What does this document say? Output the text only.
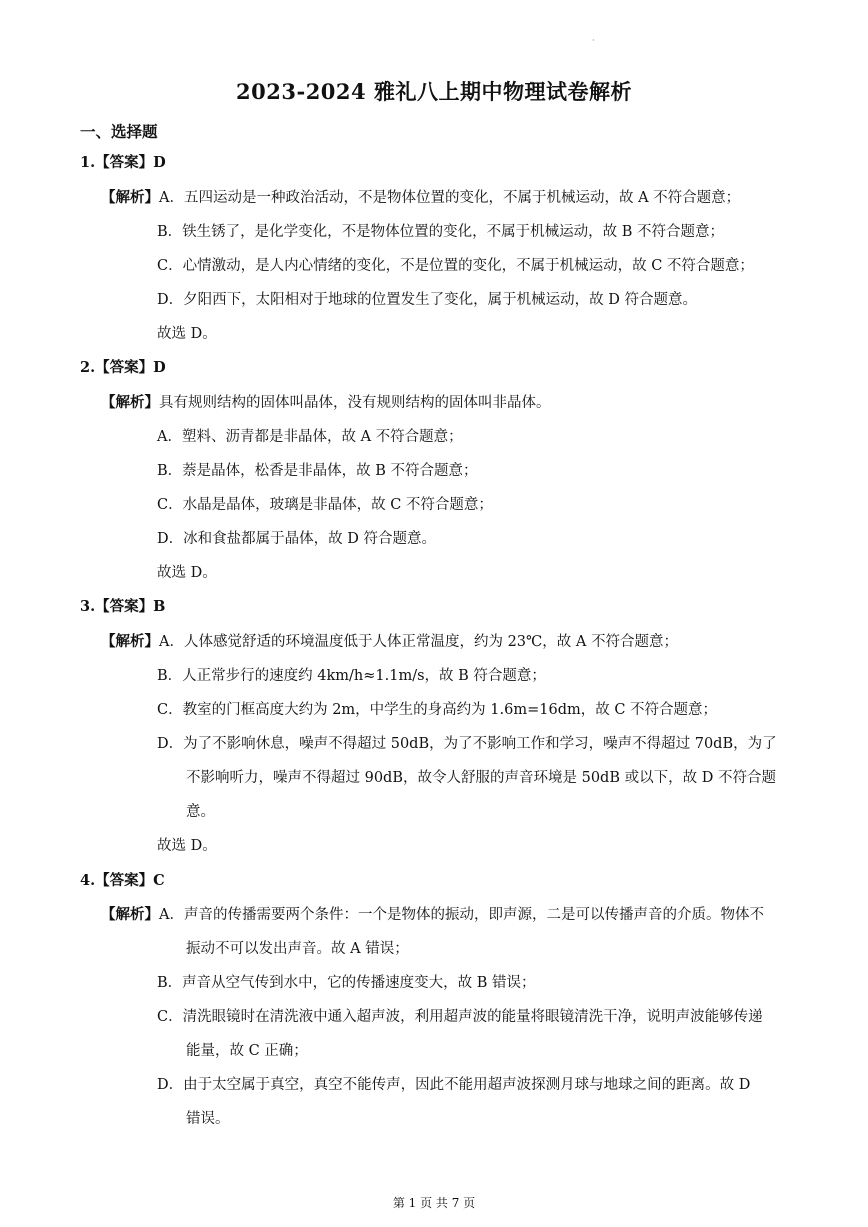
·
2023-2024 雅礼八上期中物理试卷解析
一、选择题
1.【答案】D
【解析】A．五四运动是一种政治活动，不是物体位置的变化，不属于机械运动，故 A 不符合题意；
B．铁生锈了，是化学变化，不是物体位置的变化，不属于机械运动，故 B 不符合题意；
C．心情激动，是人内心情绪的变化，不是位置的变化，不属于机械运动，故 C 不符合题意；
D．夕阳西下，太阳相对于地球的位置发生了变化，属于机械运动，故 D 符合题意。
故选 D。
2.【答案】D
【解析】具有规则结构的固体叫晶体，没有规则结构的固体叫非晶体。
A．塑料、沥青都是非晶体，故 A 不符合题意；
B．萘是晶体，松香是非晶体，故 B 不符合题意；
C．水晶是晶体，玻璃是非晶体，故 C 不符合题意；
D．冰和食盐都属于晶体，故 D 符合题意。
故选 D。
3.【答案】B
【解析】A．人体感觉舒适的环境温度低于人体正常温度，约为 23℃，故 A 不符合题意；
B．人正常步行的速度约 4km/h≈1.1m/s，故 B 符合题意；
C．教室的门框高度大约为 2m，中学生的身高约为 1.6m=16dm，故 C 不符合题意；
D．为了不影响休息，噪声不得超过 50dB，为了不影响工作和学习，噪声不得超过 70dB，为了
不影响听力，噪声不得超过 90dB，故令人舒服的声音环境是 50dB 或以下，故 D 不符合题
意。
故选 D。
4.【答案】C
【解析】A．声音的传播需要两个条件：一个是物体的振动，即声源，二是可以传播声音的介质。物体不
振动不可以发出声音。故 A 错误；
B．声音从空气传到水中，它的传播速度变大，故 B 错误；
C．清洗眼镜时在清洗液中通入超声波，利用超声波的能量将眼镜清洗干净，说明声波能够传递
能量，故 C 正确；
D．由于太空属于真空，真空不能传声，因此不能用超声波探测月球与地球之间的距离。故 D
错误。
第 1 页 共 7 页
